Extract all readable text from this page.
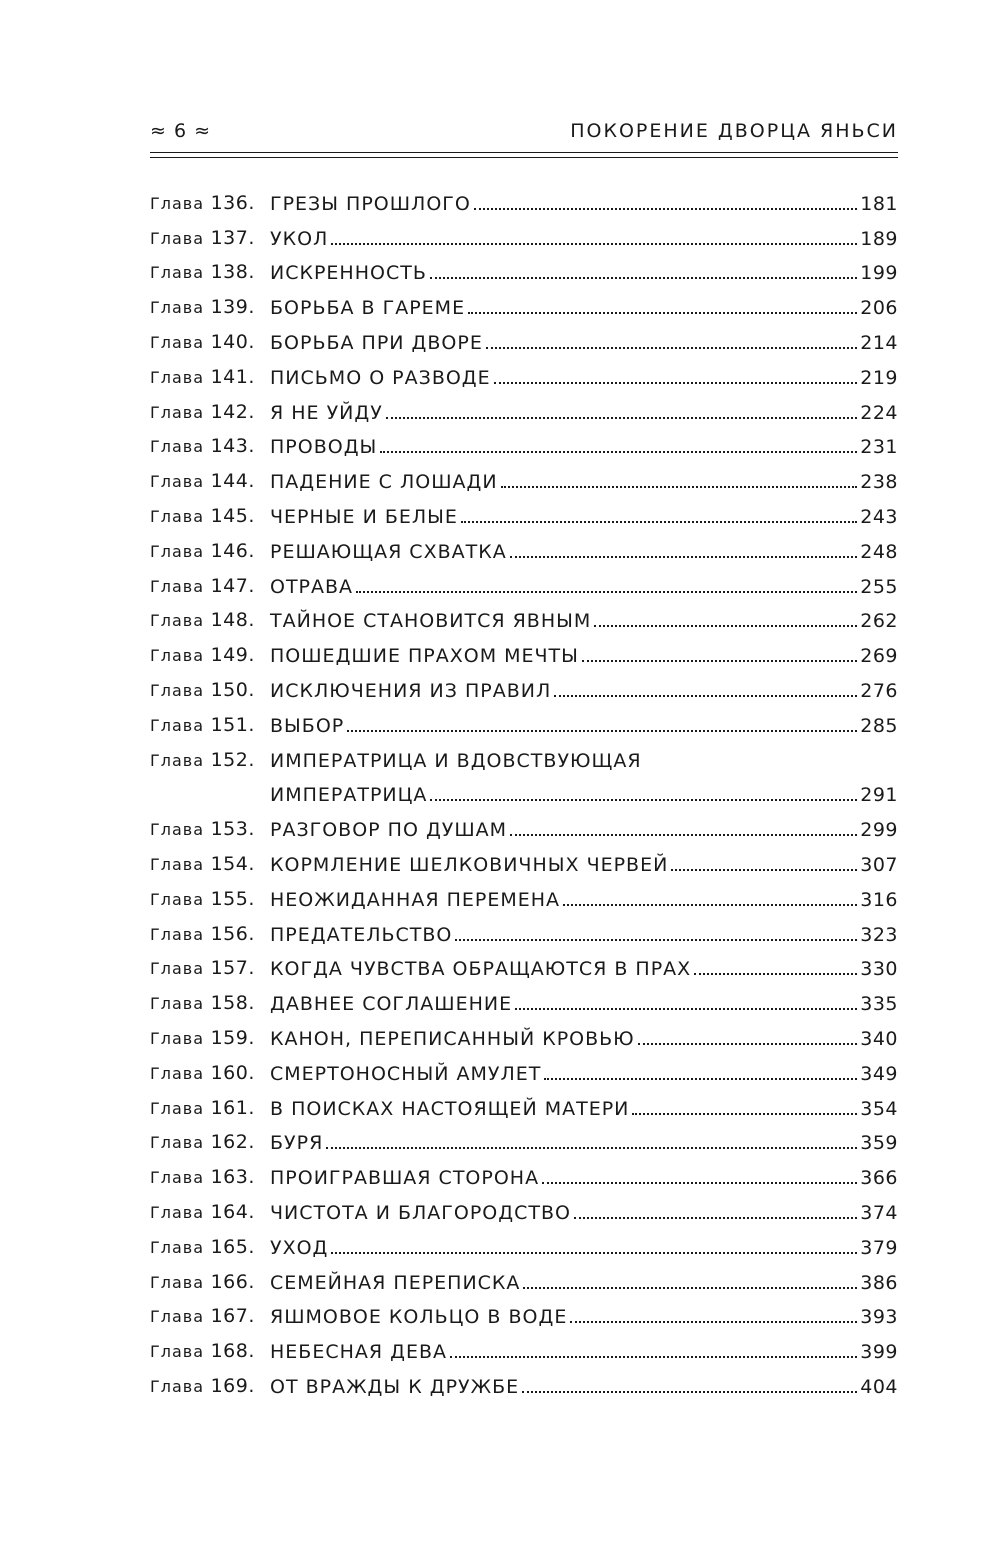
≈ 6 ≈	ПОКОРЕНИЕ ДВОРЦА ЯНЬСИ
Глава 136. ГРЕЗЫ ПРОШЛОГО	181
Глава 137. УКОЛ	189
Глава 138. ИСКРЕННОСТЬ	199
Глава 139. БОРЬБА В ГАРЕМЕ	206
Глава 140. БОРЬБА ПРИ ДВОРЕ	214
Глава 141. ПИСЬМО О РАЗВОДЕ	219
Глава 142. Я НЕ УЙДУ	224
Глава 143. ПРОВОДЫ	231
Глава 144. ПАДЕНИЕ С ЛОШАДИ	238
Глава 145. ЧЕРНЫЕ И БЕЛЫЕ	243
Глава 146. РЕШАЮЩАЯ СХВАТКА	248
Глава 147. ОТРАВА	255
Глава 148. ТАЙНОЕ СТАНОВИТСЯ ЯВНЫМ	262
Глава 149. ПОШЕДШИЕ ПРАХОМ МЕЧТЫ	269
Глава 150. ИСКЛЮЧЕНИЯ ИЗ ПРАВИЛ	276
Глава 151. ВЫБОР	285
Глава 152. ИМПЕРАТРИЦА И ВДОВСТВУЮЩАЯ
ИМПЕРАТРИЦА	291
Глава 153. РАЗГОВОР ПО ДУШАМ	299
Глава 154. КОРМЛЕНИЕ ШЕЛКОВИЧНЫХ ЧЕРВЕЙ	307
Глава 155. НЕОЖИДАННАЯ ПЕРЕМЕНА	316
Глава 156. ПРЕДАТЕЛЬСТВО	323
Глава 157. КОГДА ЧУВСТВА ОБРАЩАЮТСЯ В ПРАХ	330
Глава 158. ДАВНЕЕ СОГЛАШЕНИЕ	335
Глава 159. КАНОН, ПЕРЕПИСАННЫЙ КРОВЬЮ	340
Глава 160. СМЕРТОНОСНЫЙ АМУЛЕТ	349
Глава 161. В ПОИСКАХ НАСТОЯЩЕЙ МАТЕРИ	354
Глава 162. БУРЯ	359
Глава 163. ПРОИГРАВШАЯ СТОРОНА	366
Глава 164. ЧИСТОТА И БЛАГОРОДСТВО	374
Глава 165. УХОД	379
Глава 166. СЕМЕЙНАЯ ПЕРЕПИСКА	386
Глава 167. ЯШМОВОЕ КОЛЬЦО В ВОДЕ	393
Глава 168. НЕБЕСНАЯ ДЕВА	399
Глава 169. ОТ ВРАЖДЫ К ДРУЖБЕ	404
